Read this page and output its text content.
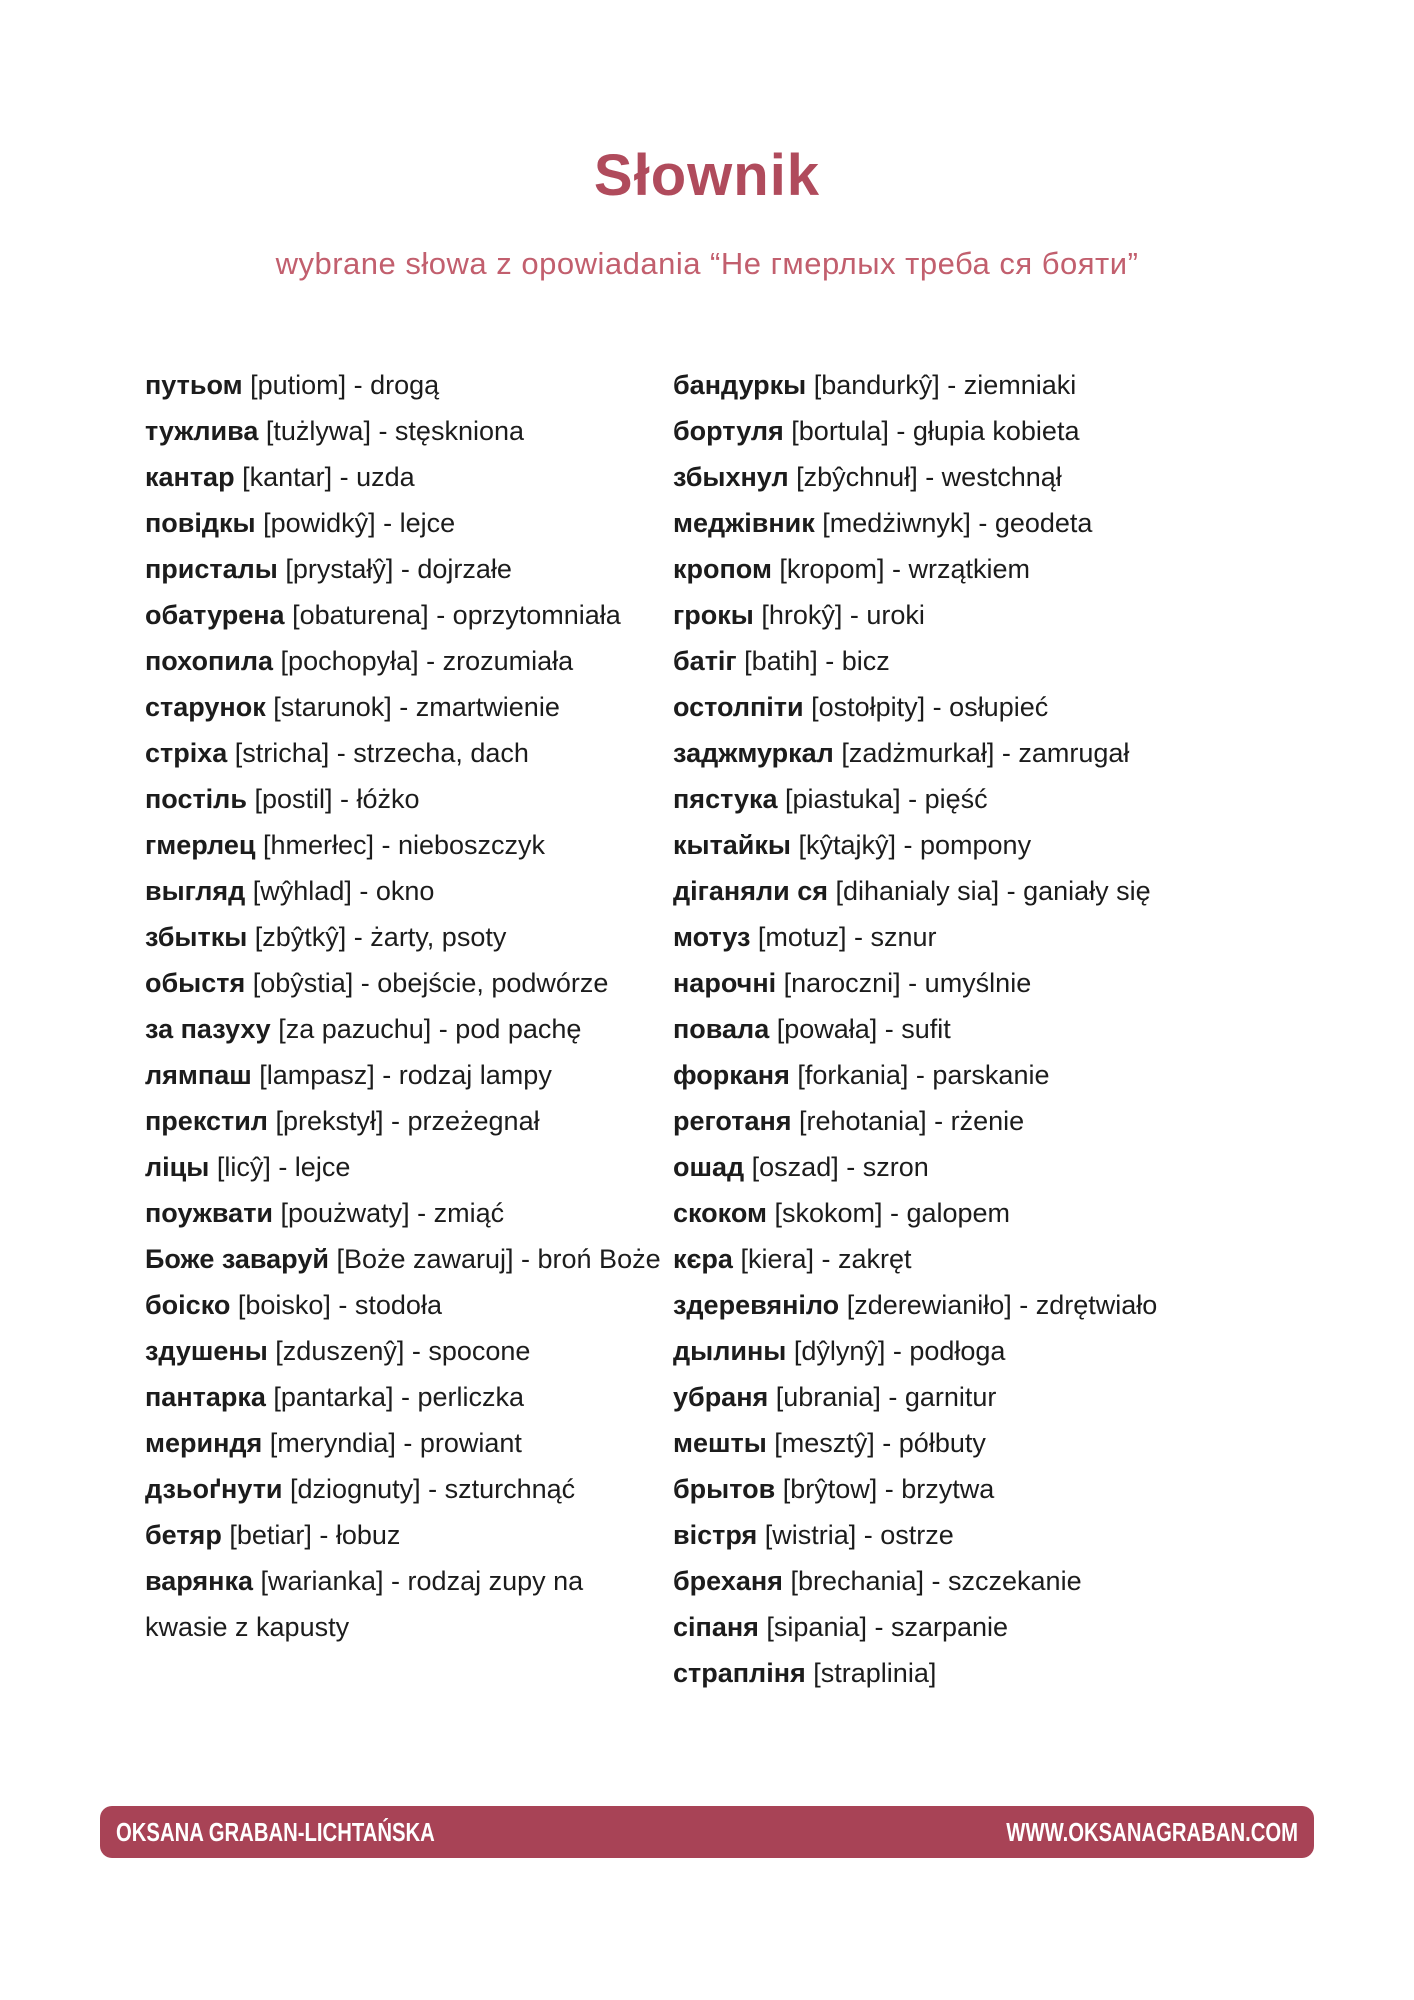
Słownik
wybrane słowa z opowiadania “Не гмерлых треба ся бояти”
путьом [putiom] - drogą
тужлива [tużlywa] - stęskniona
кантар [kantar] - uzda
повідкы [powidkŷ] - lejce
присталы [prystałŷ] - dojrzałe
обатурена [obaturena] - oprzytomniała
похопила [pochopyła] - zrozumiała
старунок [starunok] - zmartwienie
стріха [stricha] - strzecha, dach
постіль [postil] - łóżko
гмерлец [hmerłec] - nieboszczyk
выгляд [wŷhlad] - okno
збыткы [zbŷtkŷ] - żarty, psoty
обыстя [obŷstia] - obejście, podwórze
за пазуху [za pazuchu] - pod pachę
лямпаш [lampasz] - rodzaj lampy
прекстил [prekstył] - przeżegnał
ліцы [licŷ] - lejce
поужвати [poużwaty] - zmiąć
Боже заваруй [Boże zawaruj] - broń Boże
боіско [boisko] - stodoła
здушены [zduszenŷ] - spocone
пантарка [pantarka] - perliczka
мериндя [meryndia] - prowiant
дзьоґнути [dziognuty] - szturchnąć
бетяр [betiar] - łobuz
варянка [warianka] - rodzaj zupy na kwasie z kapusty
бандуркы [bandurkŷ] - ziemniaki
бортуля [bortula] - głupia kobieta
збыхнул [zbŷchnuł] - westchnął
меджівник [medżiwnyk] - geodeta
кропом [kropom] - wrzątkiem
грокы [hrokŷ] - uroki
батіг [batih] - bicz
остолпіти [ostołpity] - osłupieć
заджмуркал [zadżmurkał] - zamrugał
пястука [piastuka] - pięść
кытайкы [kŷtajkŷ] - pompony
діганяли ся [dihanialy sia] - ganiały się
мотуз [motuz] - sznur
нарочні [naroczni] - umyślnie
повала [powała] - sufit
форканя [forkania] - parskanie
реготаня [rehotania] - rżenie
ошад [oszad] - szron
скоком [skokom] - galopem
кєра [kiera] - zakręt
здеревяніло [zderewianiło] - zdrętwiało
дылины [dŷlynŷ] - podłoga
убраня [ubrania] - garnitur
мешты [mesztŷ] - półbuty
брытов [brŷtow] - brzytwa
вістря [wistria] - ostrze
бреханя [brechania] - szczekanie
сіпаня [sipania] - szarpanie
страпліня [straplinia]
OKSANA GRABAN-LICHTAŃSKA	WWW.OKSANAGRABAN.COM
